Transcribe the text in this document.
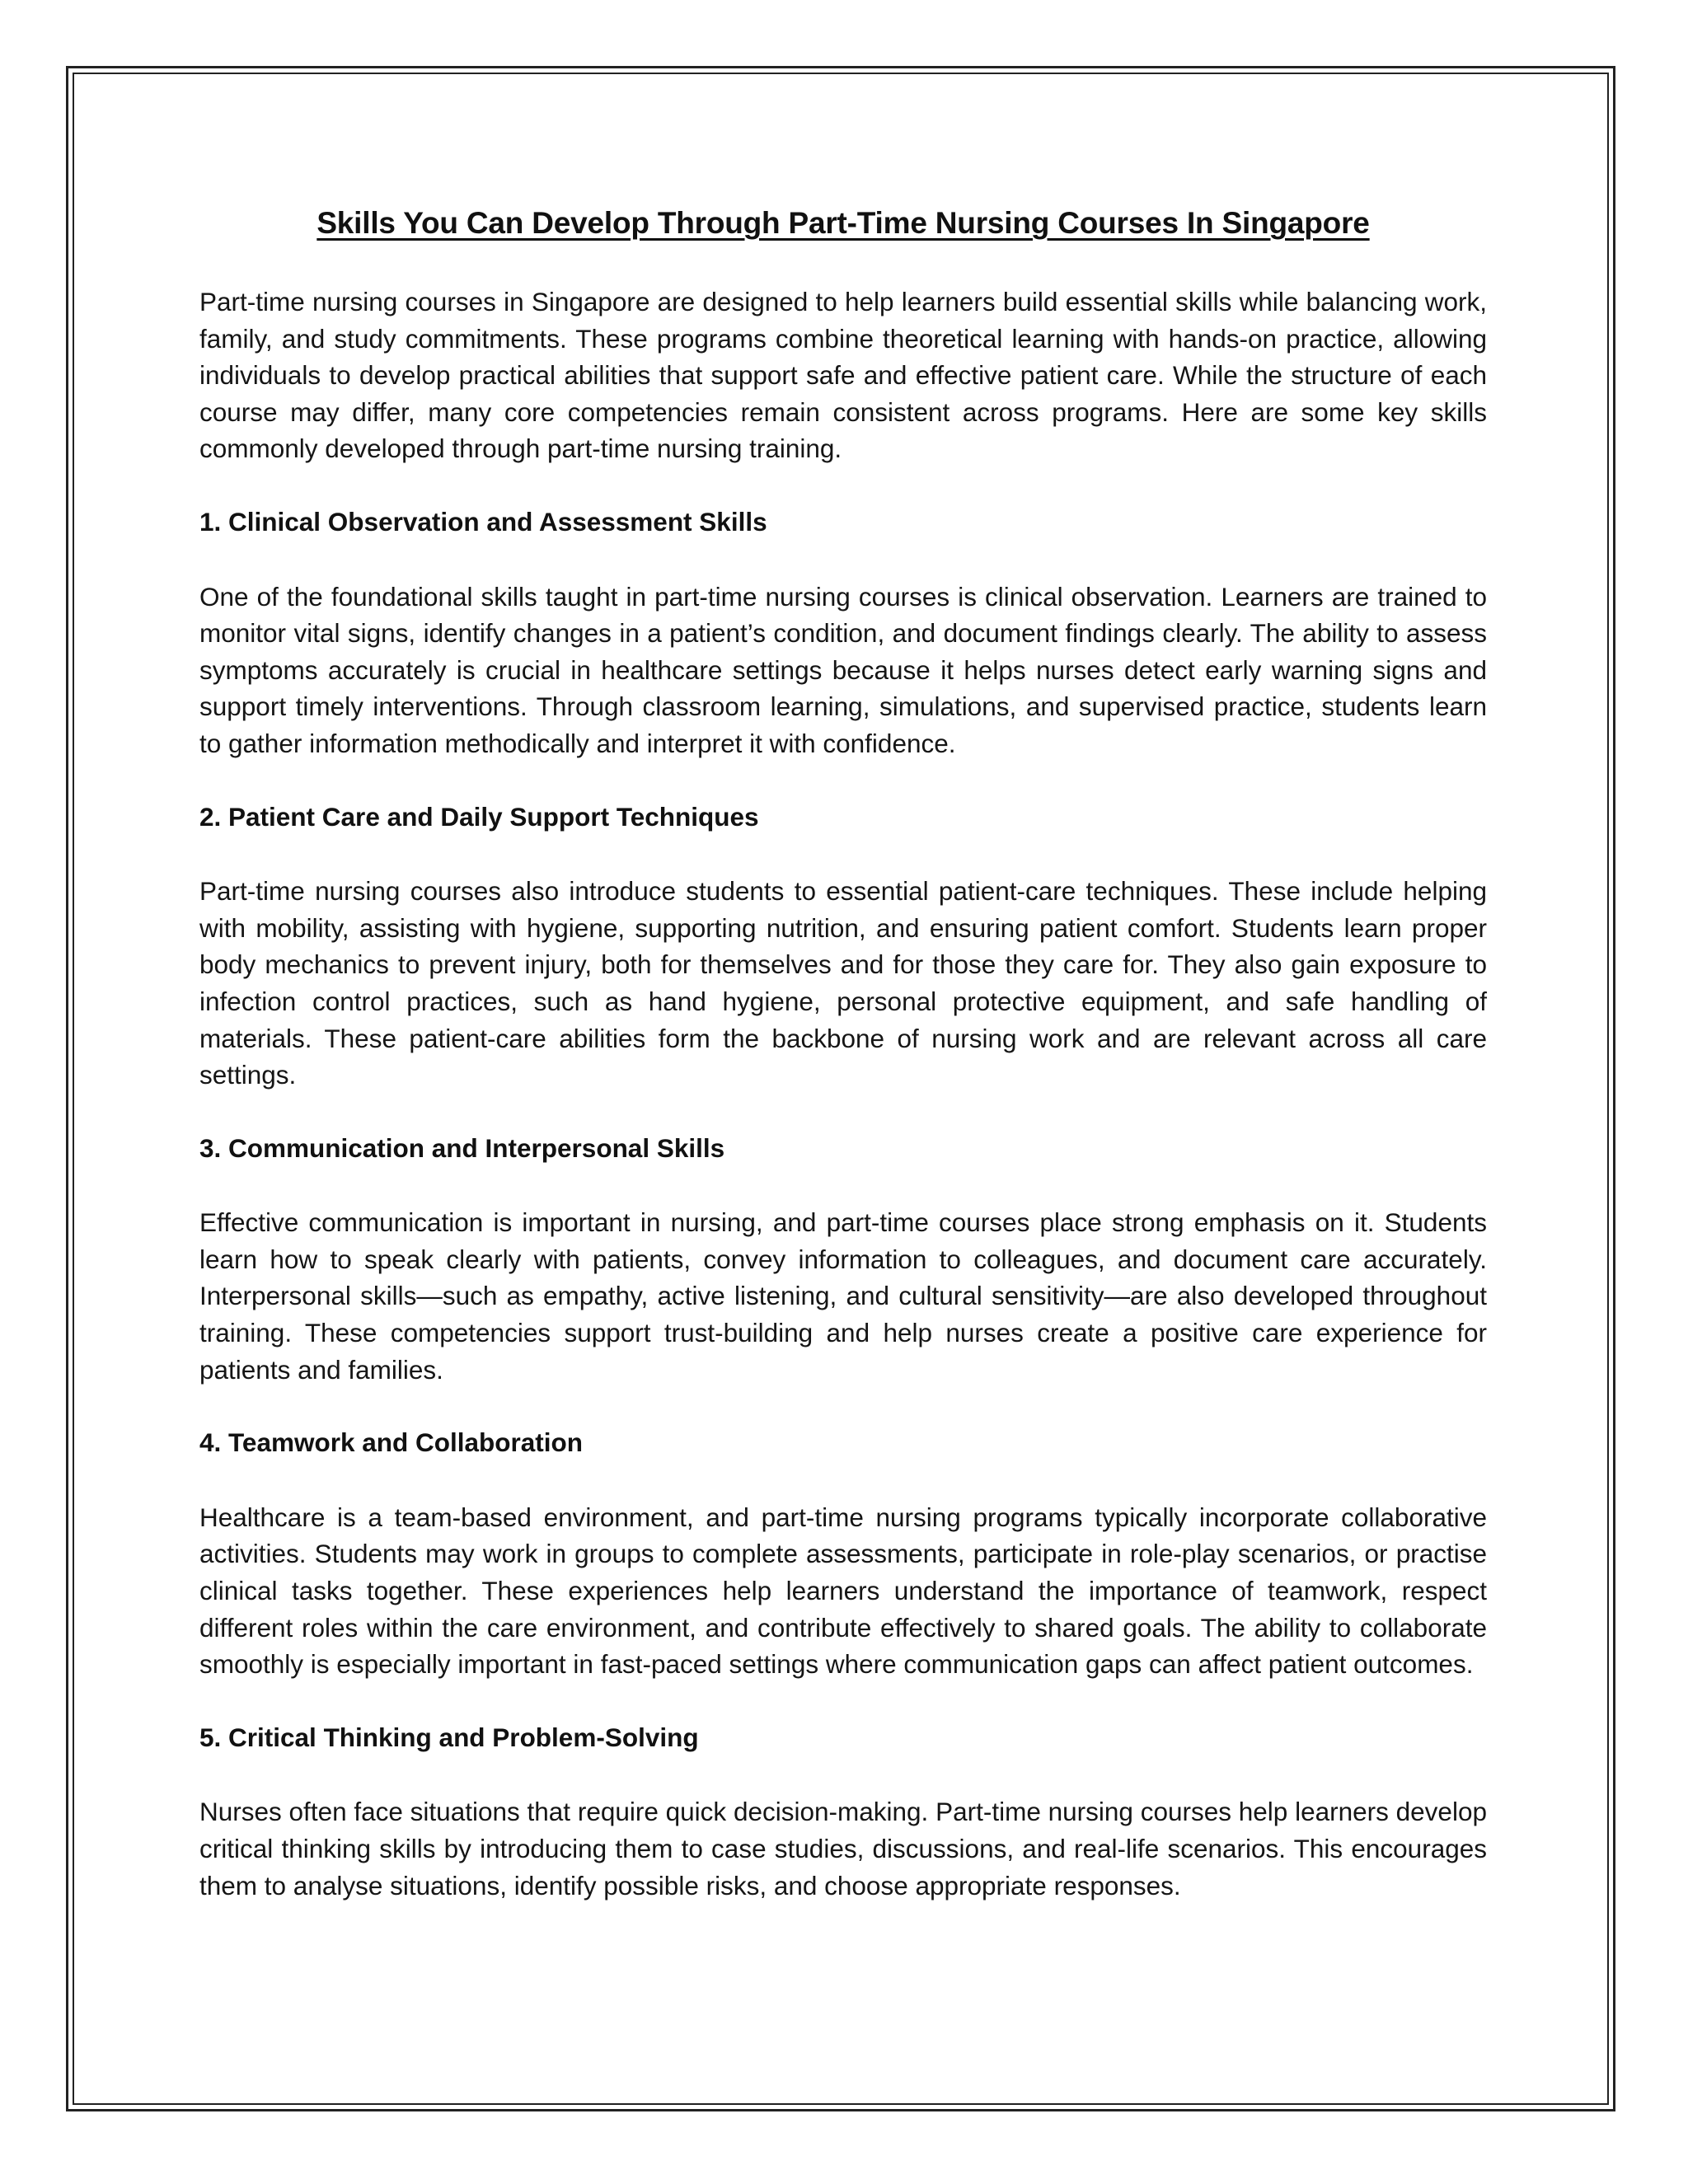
Skills You Can Develop Through Part-Time Nursing Courses In Singapore

Part-time nursing courses in Singapore are designed to help learners build essential skills while balancing work, family, and study commitments. These programs combine theoretical learning with hands-on practice, allowing individuals to develop practical abilities that support safe and effective patient care. While the structure of each course may differ, many core competencies remain consistent across programs. Here are some key skills commonly developed through part-time nursing training.

1. Clinical Observation and Assessment Skills

One of the foundational skills taught in part-time nursing courses is clinical observation. Learners are trained to monitor vital signs, identify changes in a patient’s condition, and document findings clearly. The ability to assess symptoms accurately is crucial in healthcare settings because it helps nurses detect early warning signs and support timely interventions. Through classroom learning, simulations, and supervised practice, students learn to gather information methodically and interpret it with confidence.

2. Patient Care and Daily Support Techniques

Part-time nursing courses also introduce students to essential patient-care techniques. These include helping with mobility, assisting with hygiene, supporting nutrition, and ensuring patient comfort. Students learn proper body mechanics to prevent injury, both for themselves and for those they care for. They also gain exposure to infection control practices, such as hand hygiene, personal protective equipment, and safe handling of materials. These patient-care abilities form the backbone of nursing work and are relevant across all care settings.

3. Communication and Interpersonal Skills

Effective communication is important in nursing, and part-time courses place strong emphasis on it. Students learn how to speak clearly with patients, convey information to colleagues, and document care accurately. Interpersonal skills—such as empathy, active listening, and cultural sensitivity—are also developed throughout training. These competencies support trust-building and help nurses create a positive care experience for patients and families.

4. Teamwork and Collaboration

Healthcare is a team-based environment, and part-time nursing programs typically incorporate collaborative activities. Students may work in groups to complete assessments, participate in role-play scenarios, or practise clinical tasks together. These experiences help learners understand the importance of teamwork, respect different roles within the care environment, and contribute effectively to shared goals. The ability to collaborate smoothly is especially important in fast-paced settings where communication gaps can affect patient outcomes.

5. Critical Thinking and Problem-Solving

Nurses often face situations that require quick decision-making. Part-time nursing courses help learners develop critical thinking skills by introducing them to case studies, discussions, and real-life scenarios. This encourages them to analyse situations, identify possible risks, and choose appropriate responses.
